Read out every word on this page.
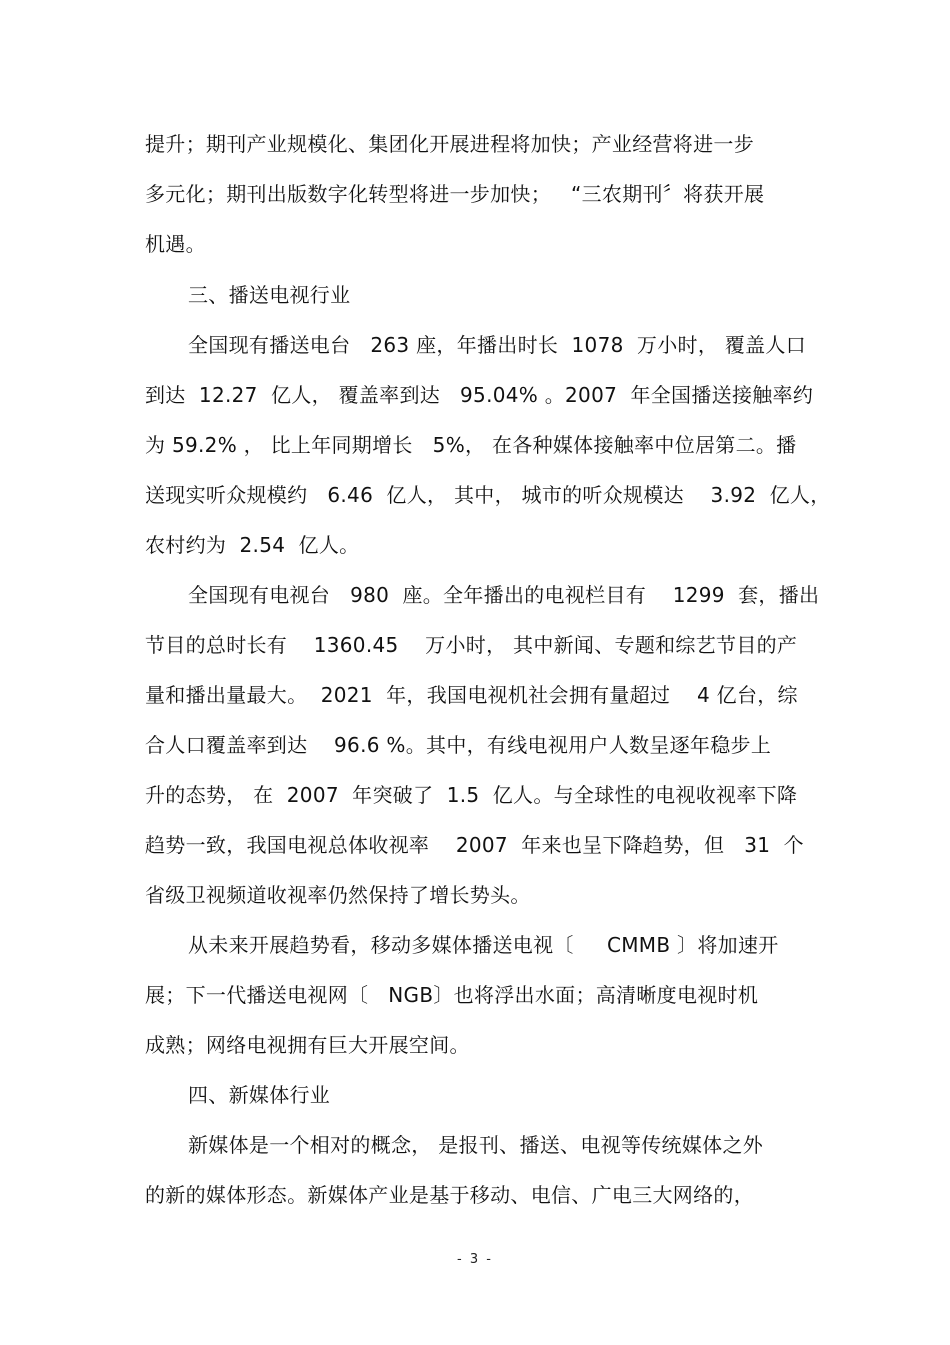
提升；期刊产业规模化、集团化开展进程将加快；产业经营将进一步
多元化；期刊出版数字化转型将进一步加快；   “三农期刊〞将获开展
机遇。
三、播送电视行业
全国现有播送电台   263 座，年播出时长  1078  万小时， 覆盖人口
到达  12.27  亿人， 覆盖率到达   95.04% 。2007  年全国播送接触率约
为 59.2% ， 比上年同期增长   5%， 在各种媒体接触率中位居第二。播
送现实听众规模约   6.46  亿人， 其中， 城市的听众规模达    3.92  亿人，
农村约为  2.54  亿人。
全国现有电视台   980  座。全年播出的电视栏目有    1299  套，播出
节目的总时长有    1360.45    万小时， 其中新闻、专题和综艺节目的产
量和播出量最大。  2021  年，我国电视机社会拥有量超过    4 亿台，综
合人口覆盖率到达    96.6 %。其中，有线电视用户人数呈逐年稳步上
升的态势， 在  2007  年突破了  1.5  亿人。与全球性的电视收视率下降
趋势一致，我国电视总体收视率    2007  年来也呈下降趋势，但   31  个
省级卫视频道收视率仍然保持了增长势头。
从未来开展趋势看，移动多媒体播送电视〔     CMMB 〕将加速开
展；下一代播送电视网〔   NGB〕也将浮出水面；高清晰度电视时机
成熟；网络电视拥有巨大开展空间。
四、新媒体行业
新媒体是一个相对的概念， 是报刊、播送、电视等传统媒体之外
的新的媒体形态。新媒体产业是基于移动、电信、广电三大网络的，
- 3 -
